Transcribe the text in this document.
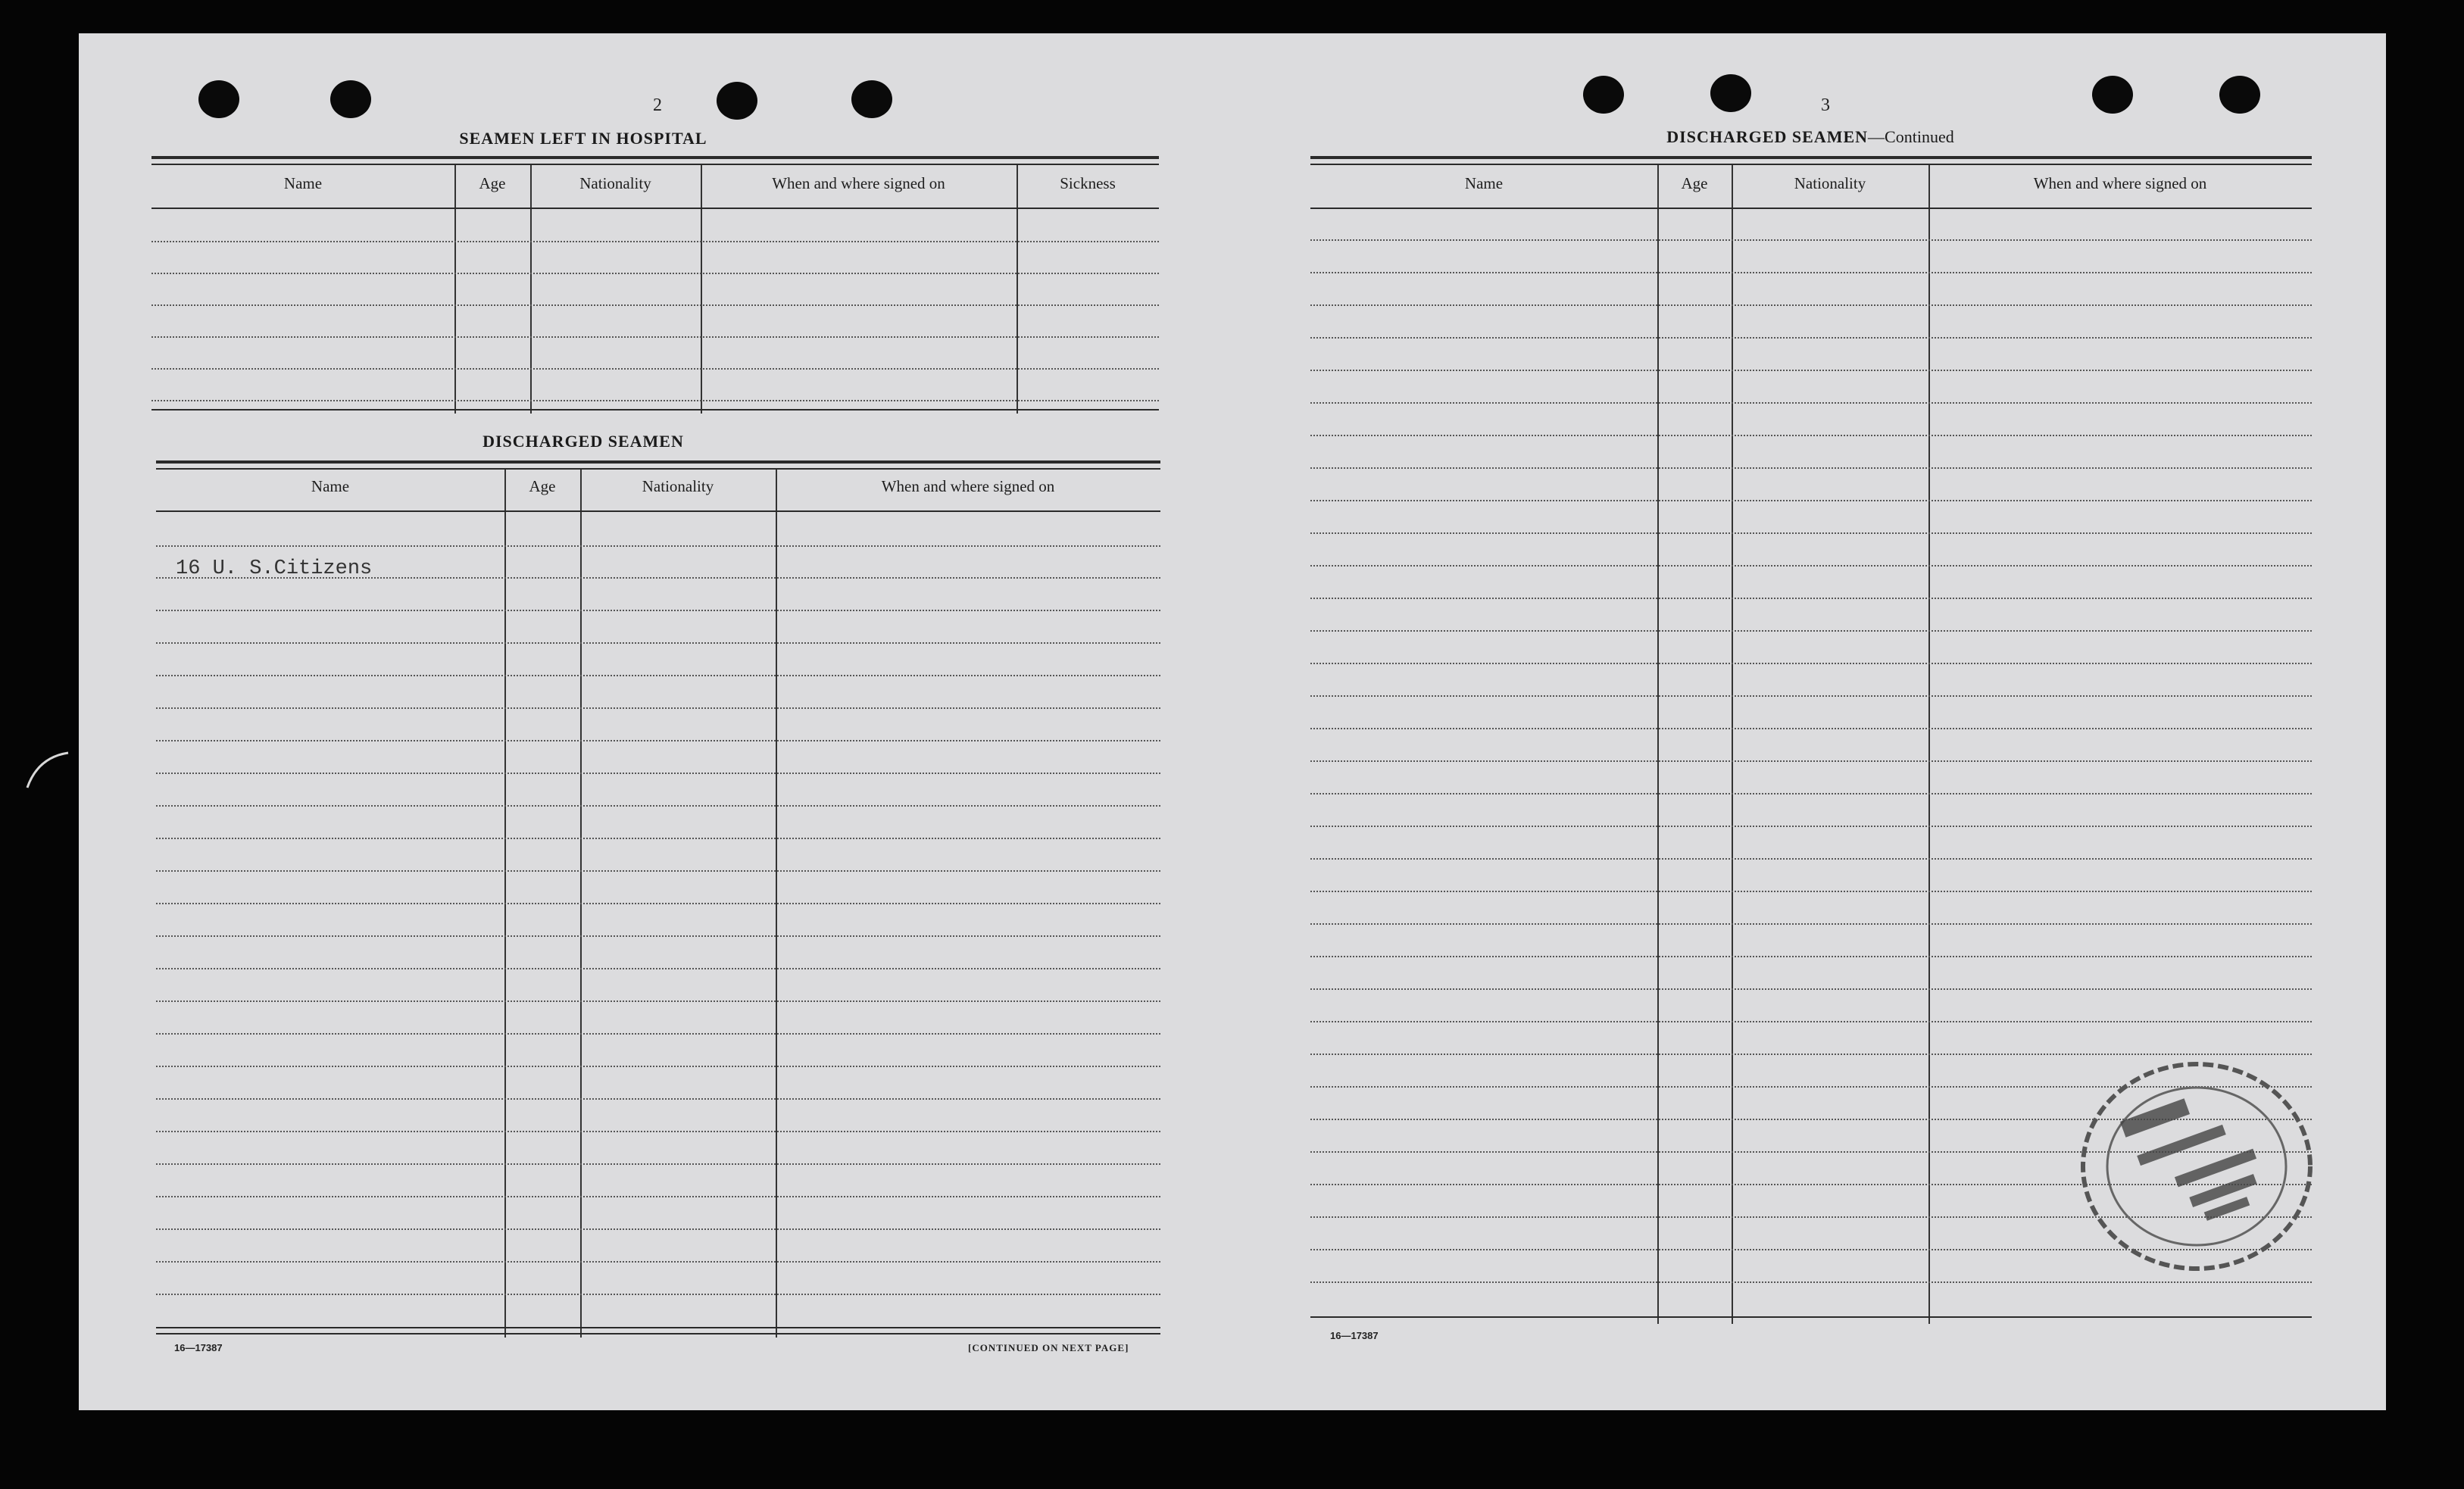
2
SEAMEN LEFT IN HOSPITAL
Name	Age	Nationality	When and where signed on	Sickness
DISCHARGED SEAMEN
Name	Age	Nationality	When and where signed on
16 U. S.Citizens
16—17387	[CONTINUED ON NEXT PAGE]
3
DISCHARGED SEAMEN—Continued
Name	Age	Nationality	When and where signed on
16—17387
